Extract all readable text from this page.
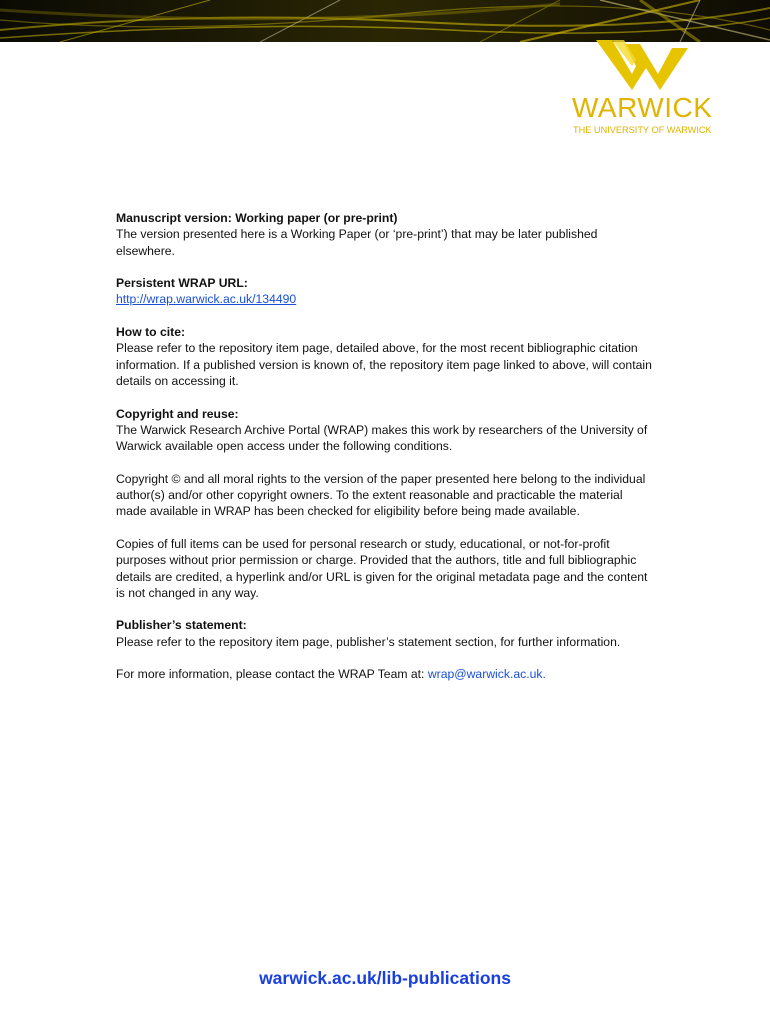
WARWICK
THE UNIVERSITY OF WARWICK

Manuscript version: Working paper (or pre-print)
The version presented here is a Working Paper (or ‘pre-print’) that may be later published elsewhere.

Persistent WRAP URL:
http://wrap.warwick.ac.uk/134490

How to cite:
Please refer to the repository item page, detailed above, for the most recent bibliographic citation information. If a published version is known of, the repository item page linked to above, will contain details on accessing it.

Copyright and reuse:
The Warwick Research Archive Portal (WRAP) makes this work by researchers of the University of Warwick available open access under the following conditions.

Copyright © and all moral rights to the version of the paper presented here belong to the individual author(s) and/or other copyright owners. To the extent reasonable and practicable the material made available in WRAP has been checked for eligibility before being made available.

Copies of full items can be used for personal research or study, educational, or not-for-profit purposes without prior permission or charge. Provided that the authors, title and full bibliographic details are credited, a hyperlink and/or URL is given for the original metadata page and the content is not changed in any way.

Publisher’s statement:
Please refer to the repository item page, publisher’s statement section, for further information.

For more information, please contact the WRAP Team at: wrap@warwick.ac.uk.

warwick.ac.uk/lib-publications
